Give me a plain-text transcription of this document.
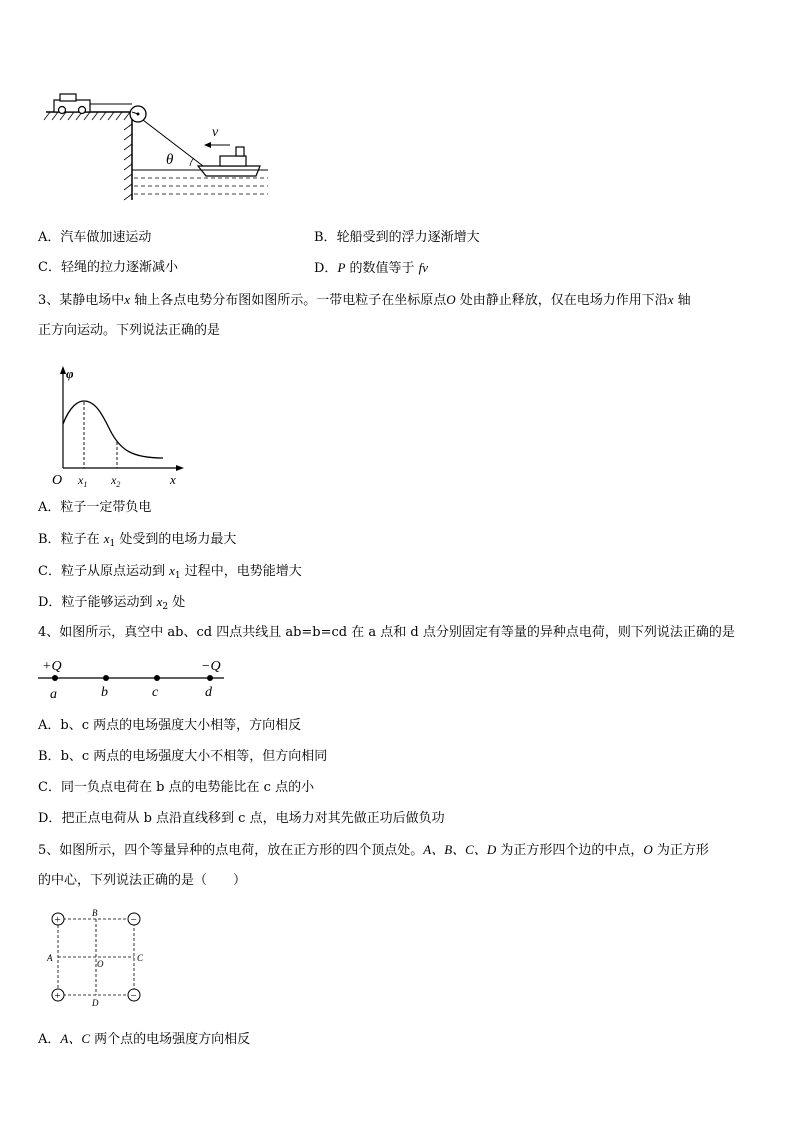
θ
v
A．汽车做加速运动	B．轮船受到的浮力逐渐增大
C．轻绳的拉力逐渐减小	D．P 的数值等于 fv
3、某静电场中x 轴上各点电势分布图如图所示。一带电粒子在坐标原点O 处由静止释放，仅在电场力作用下沿x 轴
正方向运动。下列说法正确的是
φ
O $x_1$ $x_2$	x
A．粒子一定带负电
B．粒子在 $x_1$ 处受到的电场力最大
C．粒子从原点运动到 $x_1$ 过程中，电势能增大
D．粒子能够运动到 $x_2$ 处
4、如图所示，真空中 ab、cd 四点共线且 ab=b=cd 在 a 点和 d 点分别固定有等量的异种点电荷，则下列说法正确的是
+Q	−Q
a	b	c	d
A．b、c 两点的电场强度大小相等，方向相反
B．b、c 两点的电场强度大小不相等，但方向相同
C．同一负点电荷在 b 点的电势能比在 c 点的小
D．把正点电荷从 b 点沿直线移到 c 点，电场力对其先做正功后做负功
5、如图所示，四个等量异种的点电荷，放在正方形的四个顶点处。A、B、C、D 为正方形四个边的中点，O 为正方形
的中心，下列说法正确的是（　　）
+	−
+	−
B
A	C
O
D
A．A、C 两个点的电场强度方向相反
